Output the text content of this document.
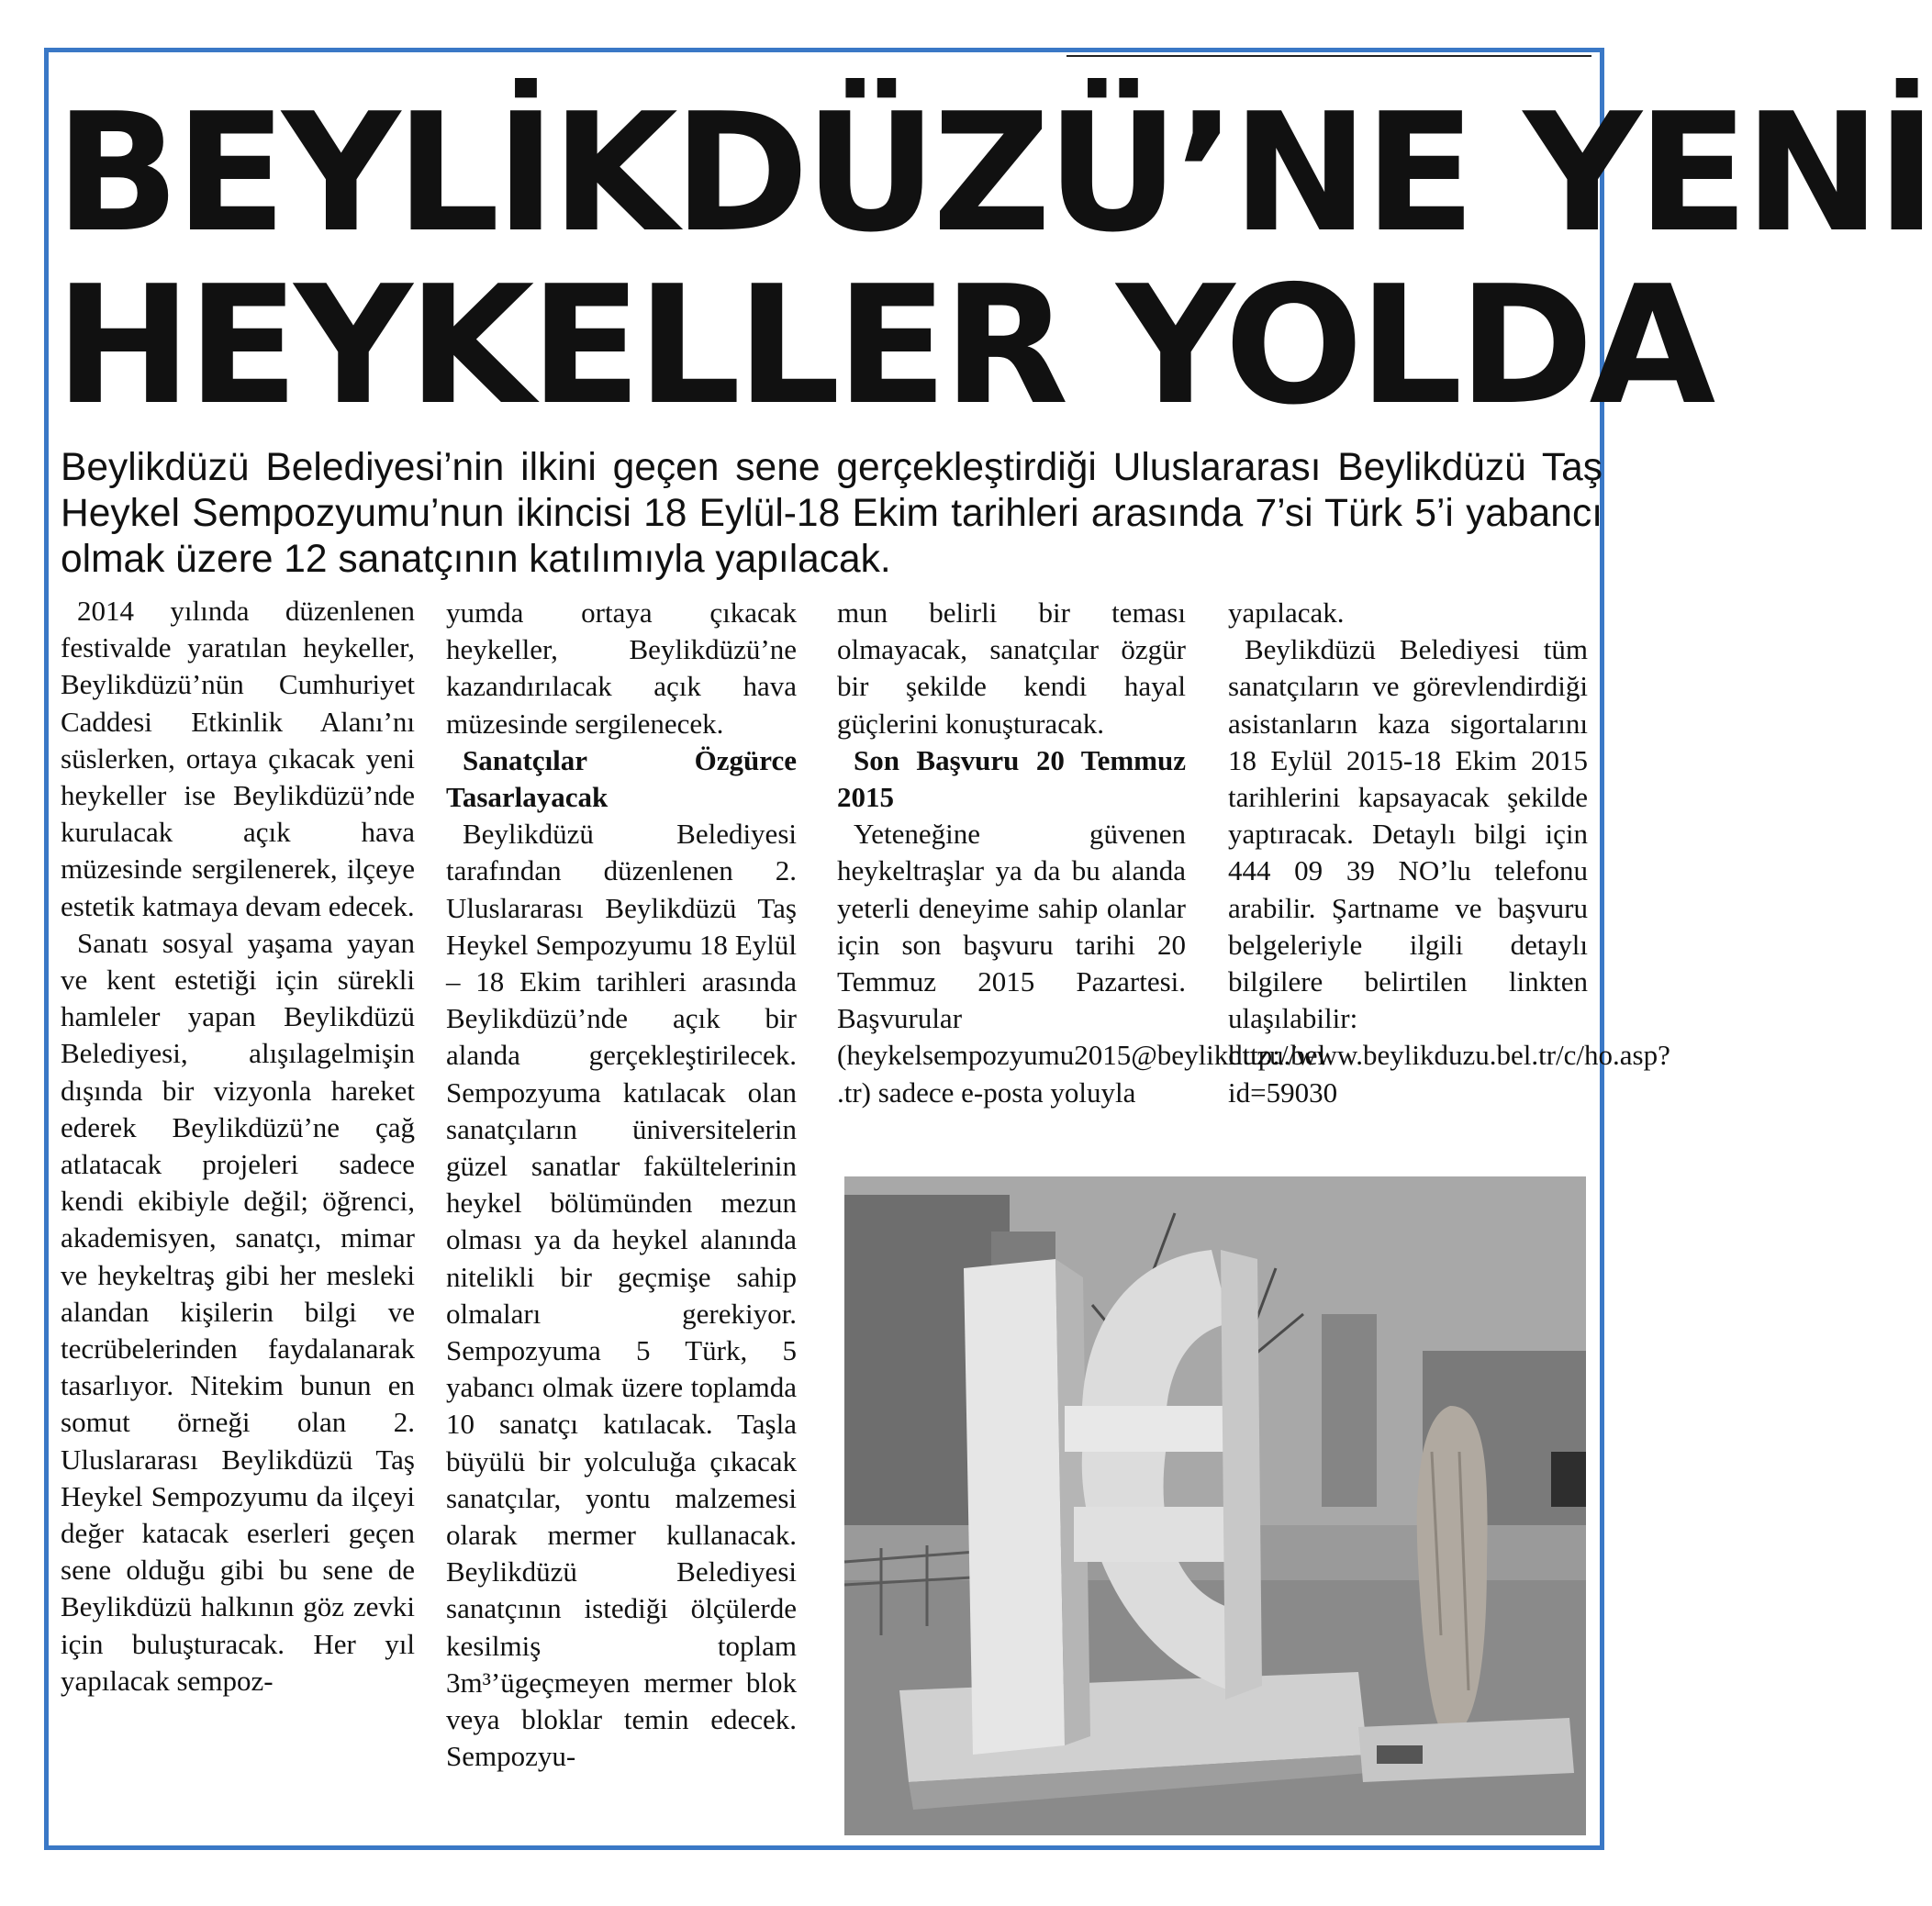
BEYLİKDÜZÜ’NE YENİ
HEYKELLER YOLDA
Beylikdüzü Belediyesi’nin ilkini geçen sene gerçekleştirdiği Uluslararası Beylikdüzü Taş Heykel Sempozyumu’nun ikincisi 18 Eylül-18 Ekim tarihleri arasında 7’si Türk 5’i yabancı olmak üzere 12 sanatçının katılımıyla yapılacak.

2014 yılında düzenlenen festivalde yaratılan heykeller, Beylikdüzü’nün Cumhuriyet Caddesi Etkinlik Alanı’nı süslerken, ortaya çıkacak yeni heykeller ise Beylikdüzü’nde kurulacak açık hava müzesinde sergilenerek, ilçeye estetik katmaya devam edecek.

Sanatı sosyal yaşama yayan ve kent estetiği için sürekli hamleler yapan Beylikdüzü Belediyesi, alışılagelmişin dışında bir vizyonla hareket ederek Beylikdüzü’ne çağ atlatacak projeleri sadece kendi ekibiyle değil; öğrenci, akademisyen, sanatçı, mimar ve heykeltraş gibi her mesleki alandan kişilerin bilgi ve tecrübelerinden faydalanarak tasarlıyor. Nitekim bunun en somut örneği olan 2. Uluslararası Beylikdüzü Taş Heykel Sempozyumu da ilçeyi değer katacak eserleri geçen sene olduğu gibi bu sene de Beylikdüzü halkının göz zevki için buluşturacak. Her yıl yapılacak sempoz-

yumda ortaya çıkacak heykeller, Beylikdüzü’ne kazandırılacak açık hava müzesinde sergilenecek.

Sanatçılar Özgürce Tasarlayacak

Beylikdüzü Belediyesi tarafından düzenlenen 2. Uluslararası Beylikdüzü Taş Heykel Sempozyumu 18 Eylül – 18 Ekim tarihleri arasında Beylikdüzü’nde açık bir alanda gerçekleştirilecek. Sempozyuma katılacak olan sanatçıların üniversitelerin güzel sanatlar fakültelerinin heykel bölümünden mezun olması ya da heykel alanında nitelikli bir geçmişe sahip olmaları gerekiyor. Sempozyuma 5 Türk, 5 yabancı olmak üzere toplamda 10 sanatçı katılacak. Taşla büyülü bir yolculuğa çıkacak sanatçılar, yontu malzemesi olarak mermer kullanacak. Beylikdüzü Belediyesi sanatçının istediği ölçülerde kesilmiş toplam 3m³’ügeçmeyen mermer blok veya bloklar temin edecek. Sempozyu-

mun belirli bir teması olmayacak, sanatçılar özgür bir şekilde kendi hayal güçlerini konuşturacak.

Son Başvuru 20 Temmuz 2015

Yeteneğine güvenen heykeltraşlar ya da bu alanda yeterli deneyime sahip olanlar için son başvuru tarihi 20 Temmuz 2015 Pazartesi. Başvurular (heykelsempozyumu2015@beylikduzu.bel .tr) sadece e-posta yoluyla

yapılacak.

Beylikdüzü Belediyesi tüm sanatçıların ve görevlendirdiği asistanların kaza sigortalarını 18 Eylül 2015-18 Ekim 2015 tarihlerini kapsayacak şekilde yaptıracak. Detaylı bilgi için 444 09 39 NO’lu telefonu arabilir. Şartname ve başvuru belgeleriyle ilgili detaylı bilgilere belirtilen linkten ulaşılabilir: http://www.beylikduzu.bel.tr/c/ho.asp?id=59030
